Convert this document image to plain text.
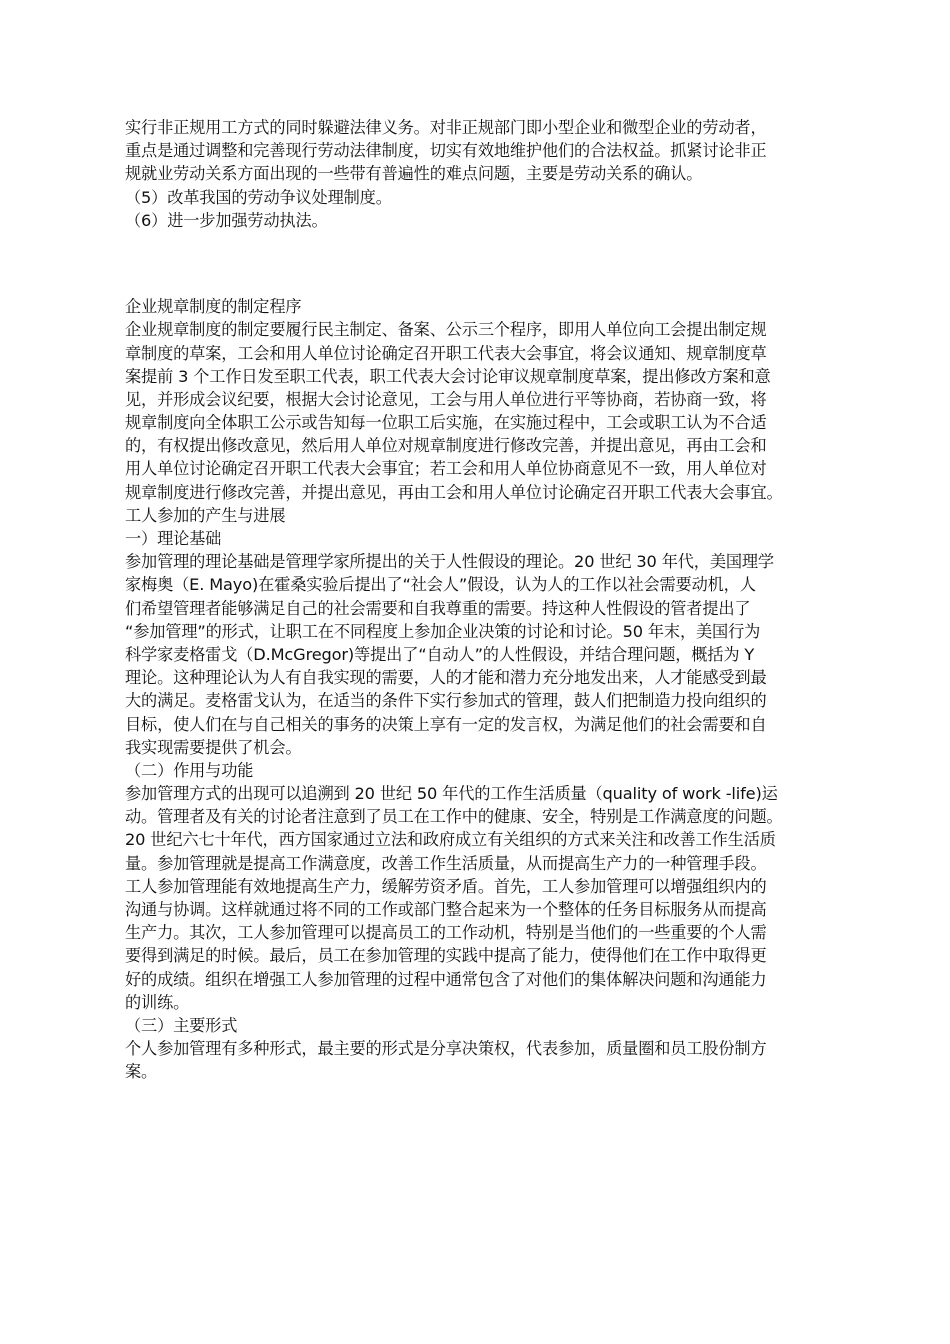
实行非正规用工方式的同时躲避法律义务。对非正规部门即小型企业和微型企业的劳动者，
重点是通过调整和完善现行劳动法律制度，切实有效地维护他们的合法权益。抓紧讨论非正
规就业劳动关系方面出现的一些带有普遍性的难点问题，主要是劳动关系的确认。
（5）改革我国的劳动争议处理制度。
（6）进一步加强劳动执法。
企业规章制度的制定程序
企业规章制度的制定要履行民主制定、备案、公示三个程序，即用人单位向工会提出制定规
章制度的草案，工会和用人单位讨论确定召开职工代表大会事宜，将会议通知、规章制度草
案提前 3 个工作日发至职工代表，职工代表大会讨论审议规章制度草案，提出修改方案和意
见，并形成会议纪要，根据大会讨论意见，工会与用人单位进行平等协商，若协商一致，将
规章制度向全体职工公示或告知每一位职工后实施，在实施过程中，工会或职工认为不合适
的，有权提出修改意见，然后用人单位对规章制度进行修改完善，并提出意见，再由工会和
用人单位讨论确定召开职工代表大会事宜；若工会和用人单位协商意见不一致，用人单位对
规章制度进行修改完善，并提出意见，再由工会和用人单位讨论确定召开职工代表大会事宜。
工人参加的产生与进展
一）理论基础
参加管理的理论基础是管理学家所提出的关于人性假设的理论。20 世纪 30 年代，美国理学
家梅奥（E. Mayo)在霍桑实验后提出了“社会人”假设，认为人的工作以社会需要动机，人
们希望管理者能够满足自己的社会需要和自我尊重的需要。持这种人性假设的管者提出了
“参加管理”的形式，让职工在不同程度上参加企业决策的讨论和讨论。50 年末，美国行为
科学家麦格雷戈（D.McGregor)等提出了“自动人”的人性假设，并结合理问题，概括为 Y
理论。这种理论认为人有自我实现的需要，人的才能和潜力充分地发出来，人才能感受到最
大的满足。麦格雷戈认为，在适当的条件下实行参加式的管理，鼓人们把制造力投向组织的
目标，使人们在与自己相关的事务的决策上享有一定的发言权，为满足他们的社会需要和自
我实现需要提供了机会。
（二）作用与功能
参加管理方式的出现可以追溯到 20 世纪 50 年代的工作生活质量（quality of work -life)运
动。管理者及有关的讨论者注意到了员工在工作中的健康、安全，特别是工作满意度的问题。
20 世纪六七十年代，西方国家通过立法和政府成立有关组织的方式来关注和改善工作生活质
量。参加管理就是提高工作满意度，改善工作生活质量，从而提高生产力的一种管理手段。
工人参加管理能有效地提高生产力，缓解劳资矛盾。首先，工人参加管理可以增强组织内的
沟通与协调。这样就通过将不同的工作或部门整合起来为一个整体的任务目标服务从而提高
生产力。其次，工人参加管理可以提高员工的工作动机，特别是当他们的一些重要的个人需
要得到满足的时候。最后，员工在参加管理的实践中提高了能力，使得他们在工作中取得更
好的成绩。组织在增强工人参加管理的过程中通常包含了对他们的集体解决问题和沟通能力
的训练。
（三）主要形式
个人参加管理有多种形式，最主要的形式是分享决策权，代表参加，质量圈和员工股份制方
案。
